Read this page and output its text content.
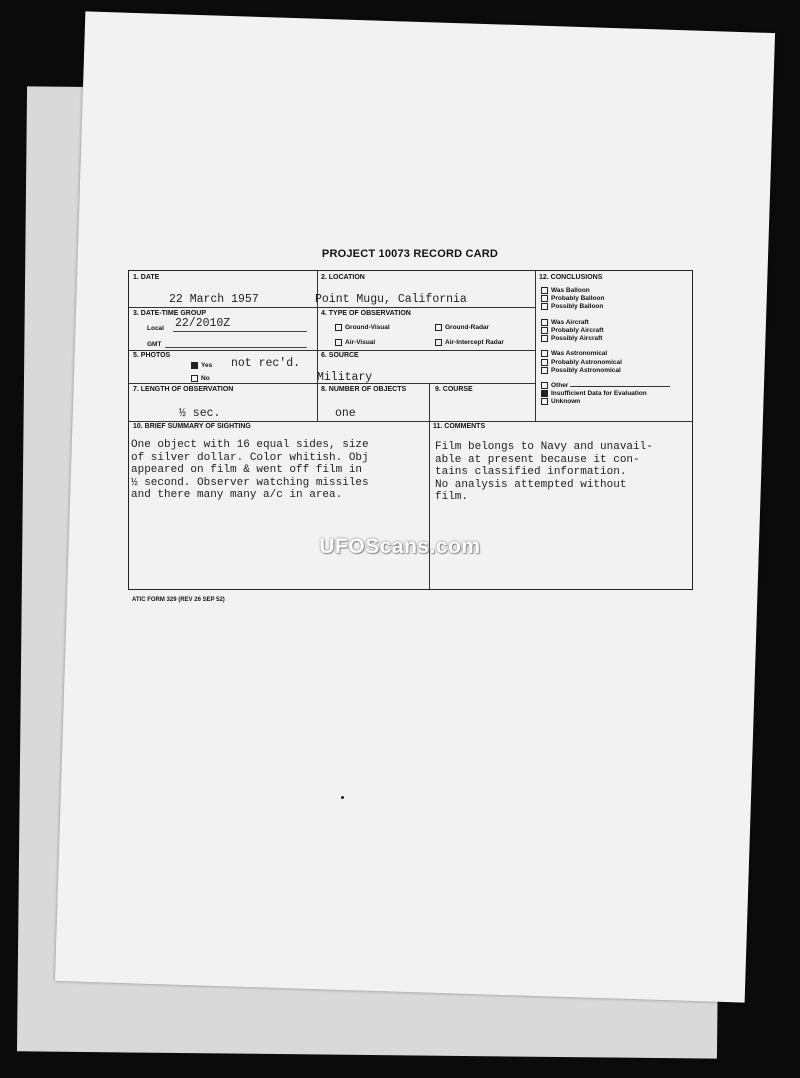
PROJECT 10073 RECORD CARD
1. DATE
22 March 1957
2. LOCATION
Point Mugu, California
3. DATE-TIME GROUP
Local 22/2010Z
GMT
4. TYPE OF OBSERVATION
Ground-Visual	Ground-Radar
Air-Visual	Air-Intercept Radar
5. PHOTOS
Yes not rec'd.
No
6. SOURCE
Military
7. LENGTH OF OBSERVATION
½ sec.
8. NUMBER OF OBJECTS
one
9. COURSE
10. BRIEF SUMMARY OF SIGHTING
One object with 16 equal sides, size
of silver dollar. Color whitish. Obj
appeared on film & went off film in
½ second. Observer watching missiles
and there many many a/c in area.
11. COMMENTS
Film belongs to Navy and unavail-
able at present because it con-
tains classified information.
No analysis attempted without
film.
12. CONCLUSIONS
Was Balloon
Probably Balloon
Possibly Balloon
Was Aircraft
Probably Aircraft
Possibly Aircraft
Was Astronomical
Probably Astronomical
Possibly Astronomical
Other
Insufficient Data for Evaluation
Unknown
ATIC FORM 329 (REV 26 SEP 52)
UFOScans.com
